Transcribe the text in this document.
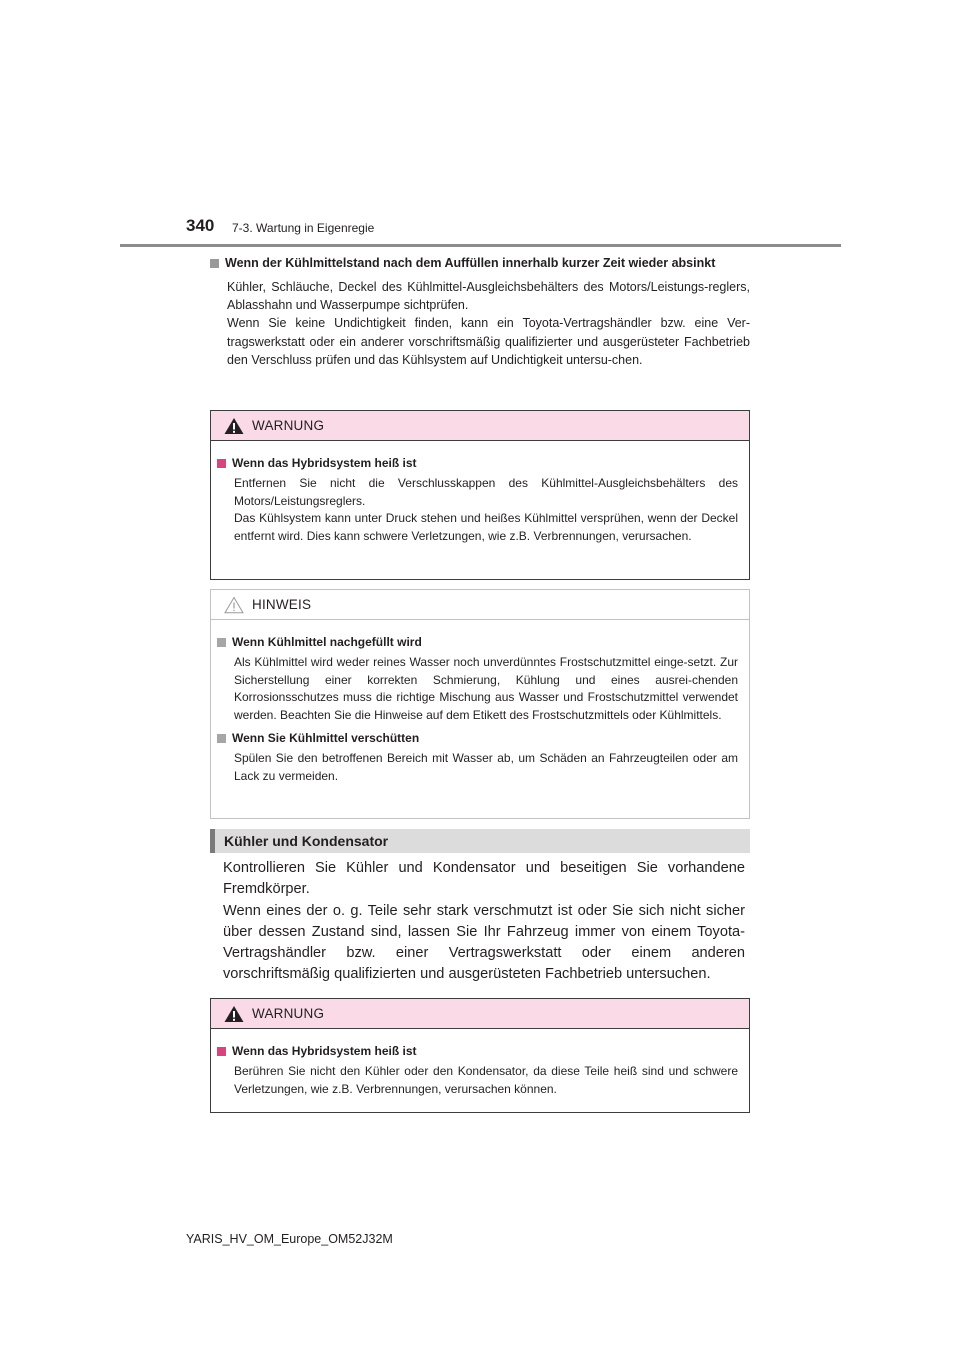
340 7-3. Wartung in Eigenregie
Wenn der Kühlmittelstand nach dem Auffüllen innerhalb kurzer Zeit wieder absinkt
Kühler, Schläuche, Deckel des Kühlmittel-Ausgleichsbehälters des Motors/Leistungs-reglers, Ablasshahn und Wasserpumpe sichtprüfen.
Wenn Sie keine Undichtigkeit finden, kann ein Toyota-Vertragshändler bzw. eine Ver-tragswerkstatt oder ein anderer vorschriftsmäßig qualifizierter und ausgerüsteter Fachbetrieb den Verschluss prüfen und das Kühlsystem auf Undichtigkeit untersu-chen.
WARNUNG
Wenn das Hybridsystem heiß ist
Entfernen Sie nicht die Verschlusskappen des Kühlmittel-Ausgleichsbehälters des Motors/Leistungsreglers.
Das Kühlsystem kann unter Druck stehen und heißes Kühlmittel versprühen, wenn der Deckel entfernt wird. Dies kann schwere Verletzungen, wie z.B. Verbrennungen, verursachen.
HINWEIS
Wenn Kühlmittel nachgefüllt wird
Als Kühlmittel wird weder reines Wasser noch unverdünntes Frostschutzmittel einge-setzt. Zur Sicherstellung einer korrekten Schmierung, Kühlung und eines ausrei-chenden Korrosionsschutzes muss die richtige Mischung aus Wasser und Frostschutzmittel verwendet werden. Beachten Sie die Hinweise auf dem Etikett des Frostschutzmittels oder Kühlmittels.
Wenn Sie Kühlmittel verschütten
Spülen Sie den betroffenen Bereich mit Wasser ab, um Schäden an Fahrzeugteilen oder am Lack zu vermeiden.
Kühler und Kondensator

Kontrollieren Sie Kühler und Kondensator und beseitigen Sie vorhandene Fremdkörper.

Wenn eines der o. g. Teile sehr stark verschmutzt ist oder Sie sich nicht sicher über dessen Zustand sind, lassen Sie Ihr Fahrzeug immer von einem Toyota-Vertragshändler bzw. einer Vertragswerkstatt oder einem anderen vorschriftsmäßig qualifizierten und ausgerüsteten Fachbetrieb untersuchen.

WARNUNG
Wenn das Hybridsystem heiß ist
Berühren Sie nicht den Kühler oder den Kondensator, da diese Teile heiß sind und schwere Verletzungen, wie z.B. Verbrennungen, verursachen können.
YARIS_HV_OM_Europe_OM52J32M
